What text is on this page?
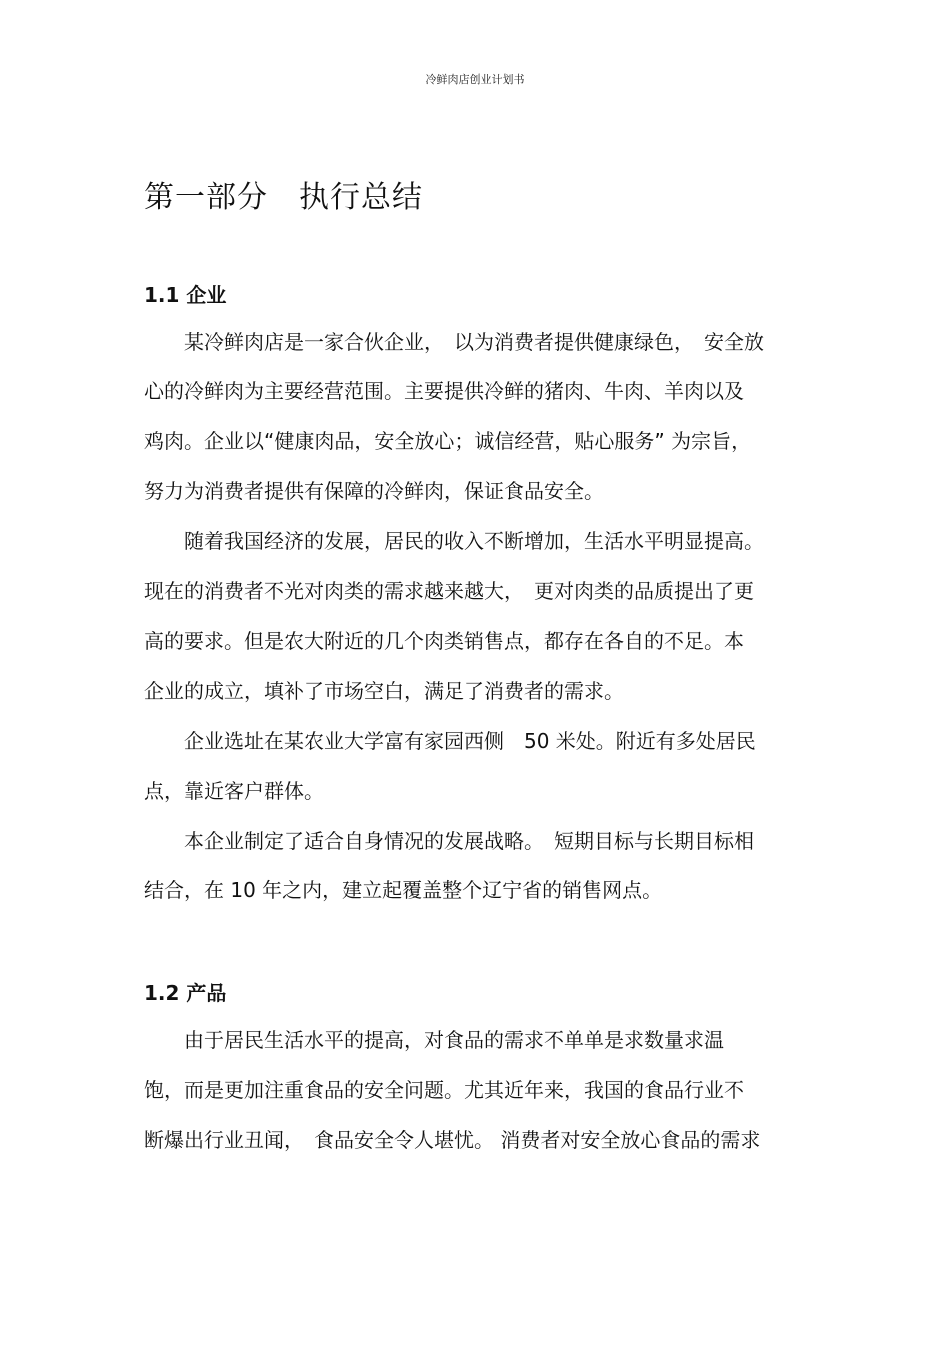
冷鲜肉店创业计划书
第一部分　执行总结
1.1 企业
　　某冷鲜肉店是一家合伙企业，　以为消费者提供健康绿色，　安全放
心的冷鲜肉为主要经营范围。主要提供冷鲜的猪肉、牛肉、羊肉以及
鸡肉。企业以“健康肉品，安全放心；诚信经营，贴心服务” 为宗旨，
努力为消费者提供有保障的冷鲜肉，保证食品安全。
　　随着我国经济的发展，居民的收入不断增加，生活水平明显提高。
现在的消费者不光对肉类的需求越来越大，　更对肉类的品质提出了更
高的要求。但是农大附近的几个肉类销售点，都存在各自的不足。本
企业的成立，填补了市场空白，满足了消费者的需求。
　　企业选址在某农业大学富有家园西侧　50 米处。附近有多处居民
点，靠近客户群体。
　　本企业制定了适合自身情况的发展战略。　短期目标与长期目标相
结合，在 10 年之内，建立起覆盖整个辽宁省的销售网点。
1.2 产品
　　由于居民生活水平的提高，对食品的需求不单单是求数量求温
饱，而是更加注重食品的安全问题。尤其近年来，我国的食品行业不
断爆出行业丑闻，　食品安全令人堪忧。 消费者对安全放心食品的需求
